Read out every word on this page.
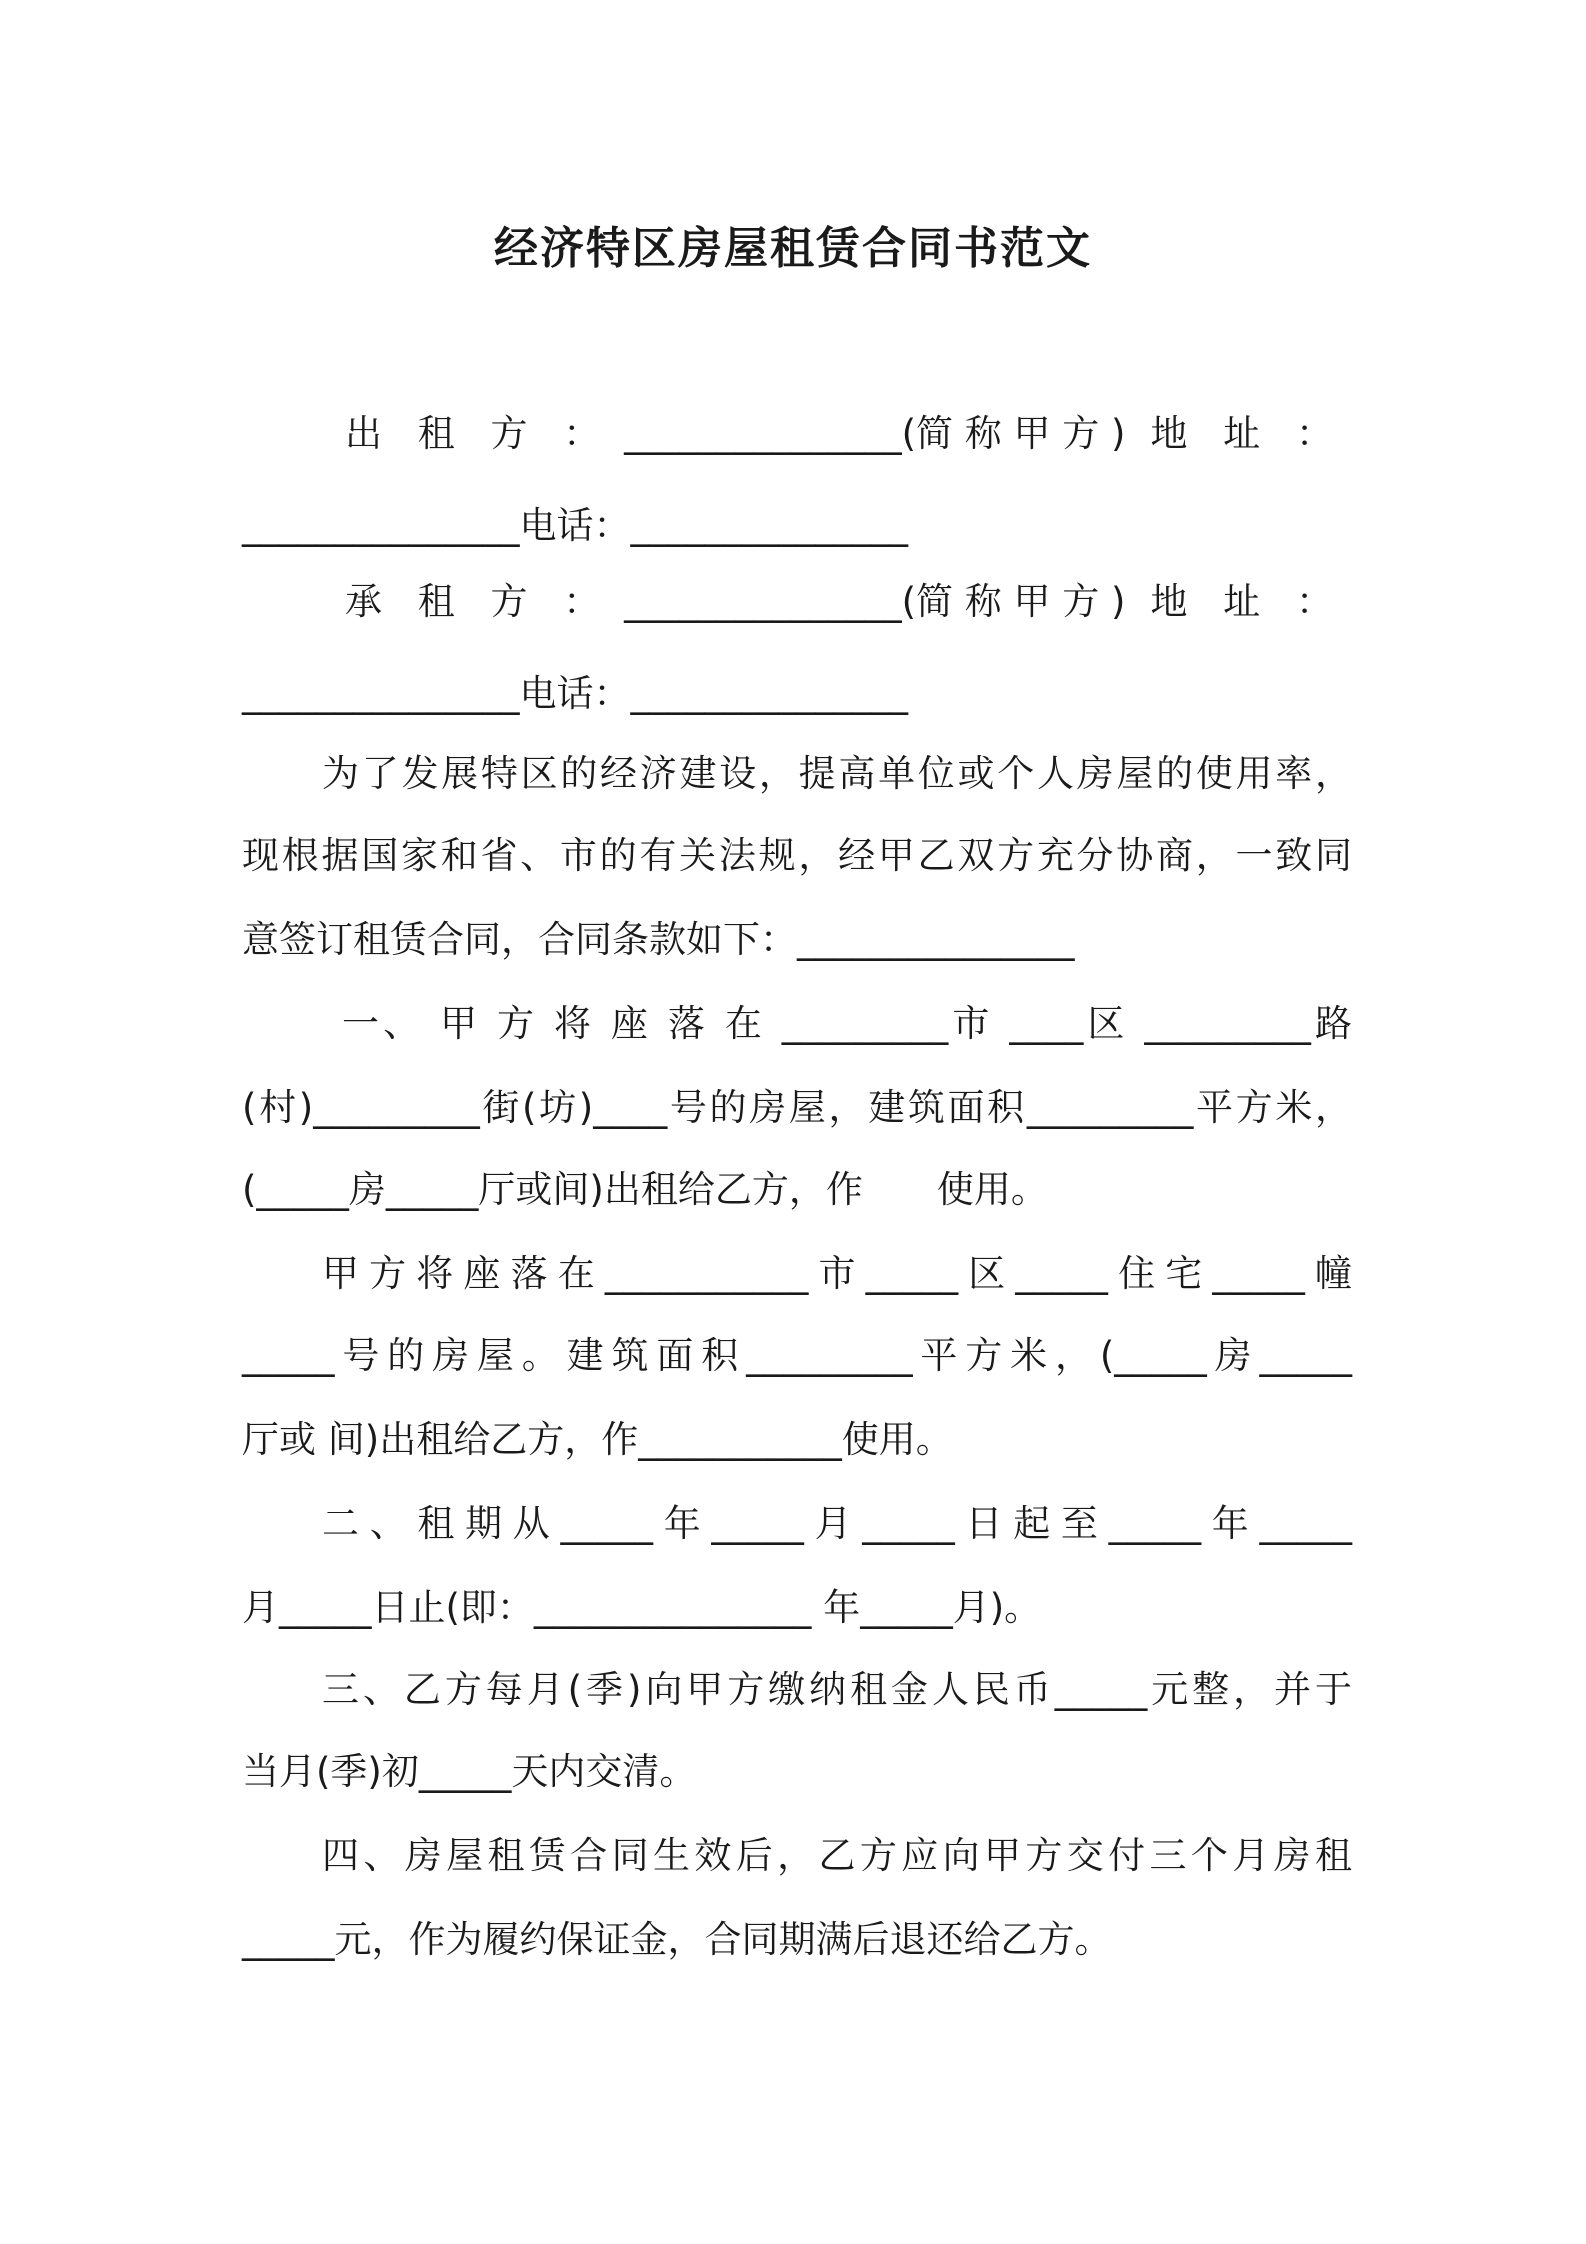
经济特区房屋租赁合同书范文
出 租 方 ： _______________(简 称 甲 方 ) 地 址 ：
_______________电话：_______________
承 租 方 ： _______________(简 称 甲 方 ) 地 址 ：
_______________电话：_______________
为了发展特区的经济建设，提高单位或个人房屋的使用率，
现根据国家和省、市的有关法规，经甲乙双方充分协商，一致同
意签订租赁合同，合同条款如下：_______________
一、 甲 方 将 座 落 在 _________市 ____区 _________路
(村)_________街(坊)____号的房屋，建筑面积_________平方米，
(_____房_____厅或间)出租给乙方，作　　使用。
甲方将座落在___________市_____区_____住宅_____幢
_____号的房屋。建筑面积_________平方米，(_____房_____
厅或 间)出租给乙方，作___________使用。
二、租期从_____年_____月_____日起至_____年_____
月_____日止(即：_______________ 年_____月)。
三、乙方每月(季)向甲方缴纳租金人民币_____元整，并于
当月(季)初_____天内交清。
四、房屋租赁合同生效后，乙方应向甲方交付三个月房租
_____元，作为履约保证金，合同期满后退还给乙方。
